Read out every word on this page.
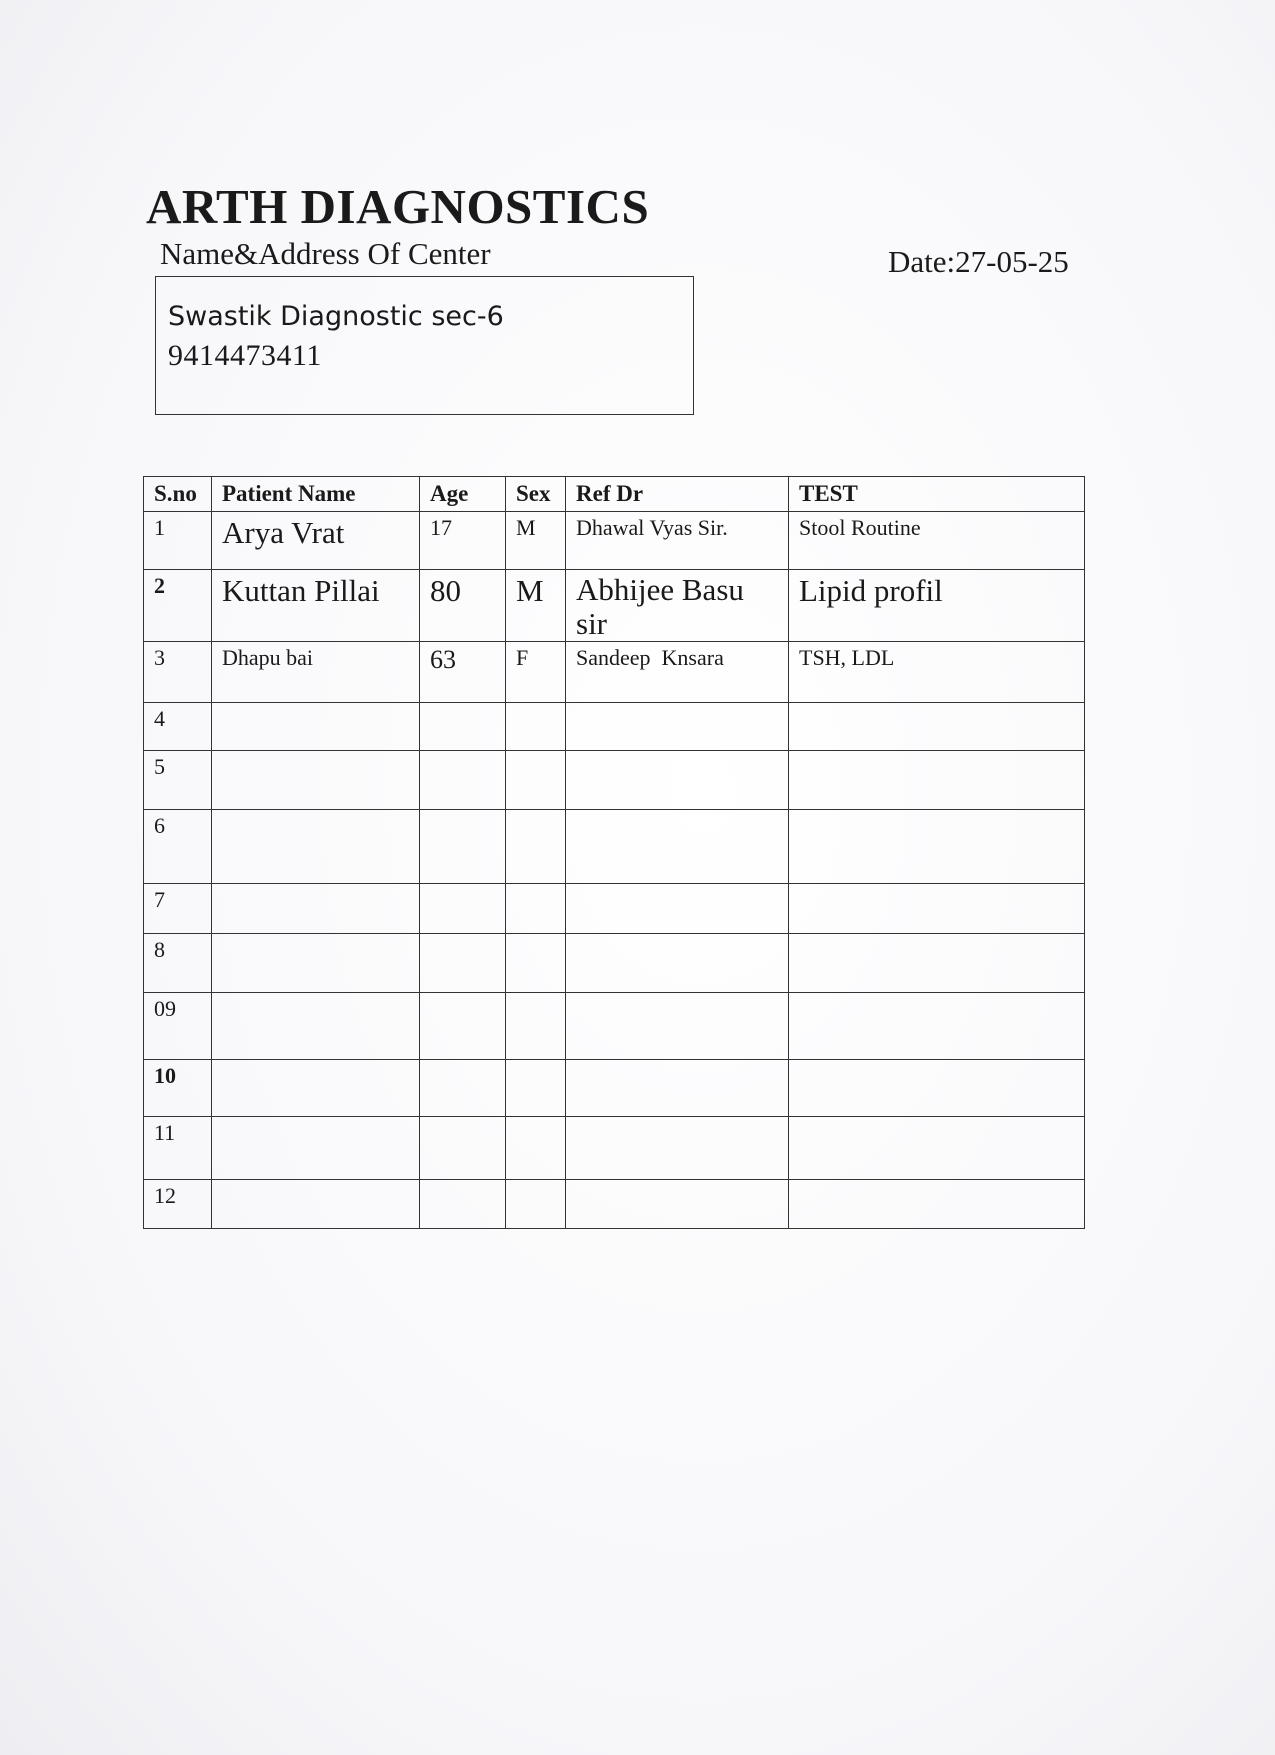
ARTH DIAGNOSTICS
Name&Address Of Center	Date:27-05-25
Swastik Diagnostic sec-6
9414473411
S.no	Patient Name	Age	Sex	Ref Dr	TEST
1	Arya Vrat	17	M	Dhawal Vyas Sir.	Stool Routine
2	Kuttan Pillai	80	M	Abhijee Basu sir	Lipid profil
3	Dhapu bai	63	F	Sandeep  Knsara	TSH, LDL
4					
5					
6					
7					
8					
09					
10					
11					
12					
